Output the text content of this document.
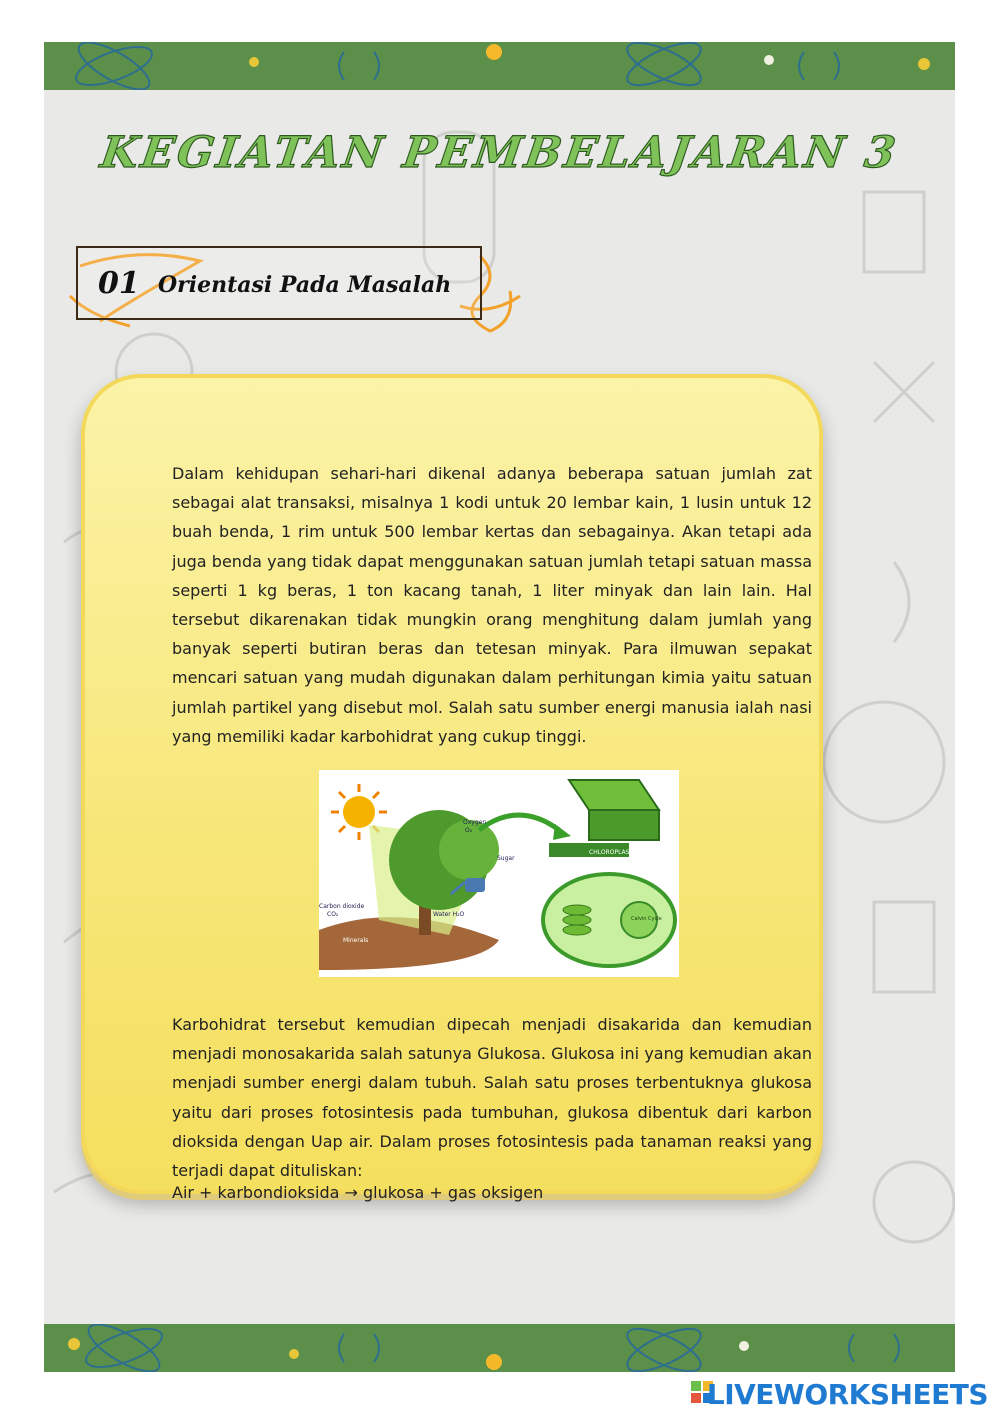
KEGIATAN PEMBELAJARAN 3
01 Orientasi Pada Masalah
Dalam kehidupan sehari-hari dikenal adanya beberapa satuan jumlah zat sebagai alat transaksi, misalnya 1 kodi untuk 20 lembar kain, 1 lusin untuk 12 buah benda, 1 rim untuk 500 lembar kertas dan sebagainya. Akan tetapi ada juga benda yang tidak dapat menggunakan satuan jumlah tetapi satuan massa seperti 1 kg beras, 1 ton kacang tanah, 1 liter minyak dan lain lain. Hal tersebut dikarenakan tidak mungkin orang menghitung dalam jumlah yang banyak seperti butiran beras dan tetesan minyak. Para ilmuwan sepakat mencari satuan yang mudah digunakan dalam perhitungan kimia yaitu satuan jumlah partikel yang disebut mol. Salah satu sumber energi manusia ialah nasi yang memiliki kadar karbohidrat yang cukup tinggi.
CHLOROPLAST
Calvin Cycle
Oxygen
O₂
Sugar
Carbon dioxide
CO₂	Water H₂O
Minerals
Karbohidrat tersebut kemudian dipecah menjadi disakarida dan kemudian menjadi monosakarida salah satunya Glukosa. Glukosa ini yang kemudian akan menjadi sumber energi dalam tubuh. Salah satu proses terbentuknya glukosa yaitu dari proses fotosintesis pada tumbuhan, glukosa dibentuk dari karbon dioksida dengan Uap air. Dalam proses fotosintesis pada tanaman reaksi yang terjadi dapat dituliskan:
Air + karbondioksida → glukosa + gas oksigen
LIVEWORKSHEETS
